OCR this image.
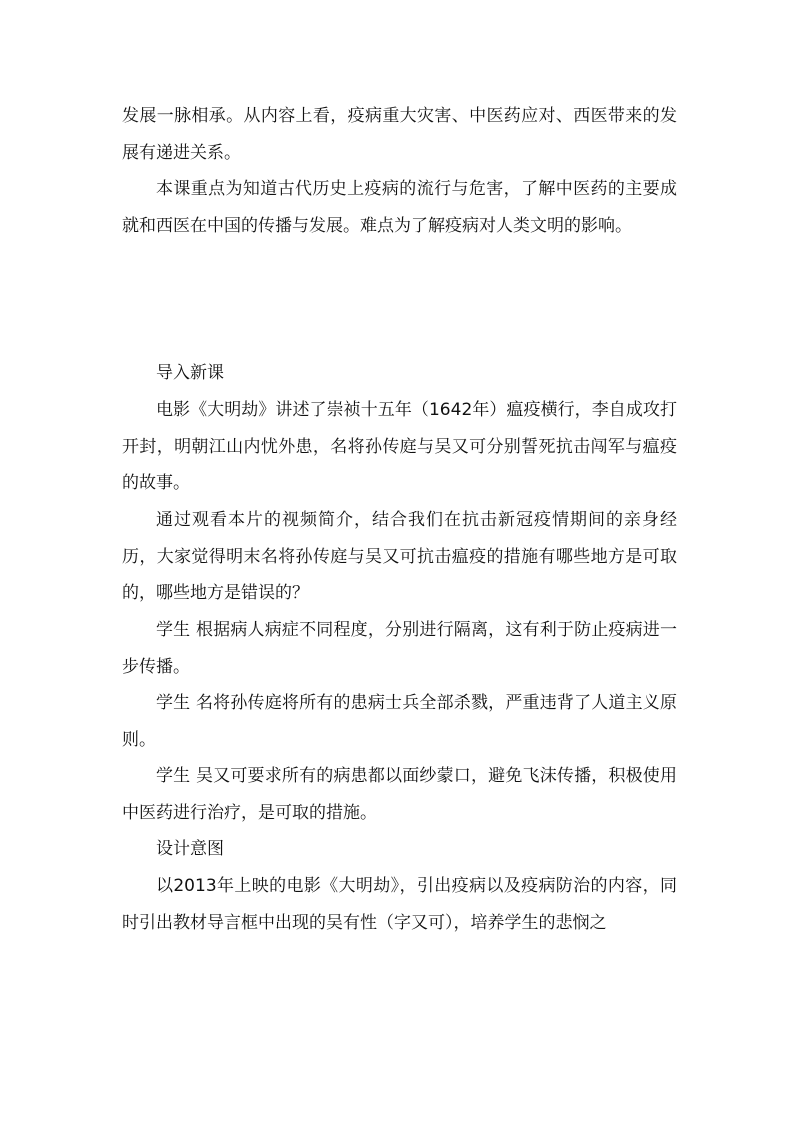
发展一脉相承。从内容上看，疫病重大灾害、中医药应对、西医带来的发展有递进关系。

本课重点为知道古代历史上疫病的流行与危害，了解中医药的主要成就和西医在中国的传播与发展。难点为了解疫病对人类文明的影响。

导入新课

电影《大明劫》讲述了崇祯十五年（1642年）瘟疫横行，李自成攻打开封，明朝江山内忧外患，名将孙传庭与吴又可分别誓死抗击闯军与瘟疫的故事。

通过观看本片的视频简介，结合我们在抗击新冠疫情期间的亲身经历，大家觉得明末名将孙传庭与吴又可抗击瘟疫的措施有哪些地方是可取的，哪些地方是错误的？

学生 根据病人病症不同程度，分别进行隔离，这有利于防止疫病进一步传播。

学生 名将孙传庭将所有的患病士兵全部杀戮，严重违背了人道主义原则。

学生 吴又可要求所有的病患都以面纱蒙口，避免飞沫传播，积极使用中医药进行治疗，是可取的措施。

设计意图

以2013年上映的电影《大明劫》，引出疫病以及疫病防治的内容，同时引出教材导言框中出现的吴有性（字又可），培养学生的悲悯之
